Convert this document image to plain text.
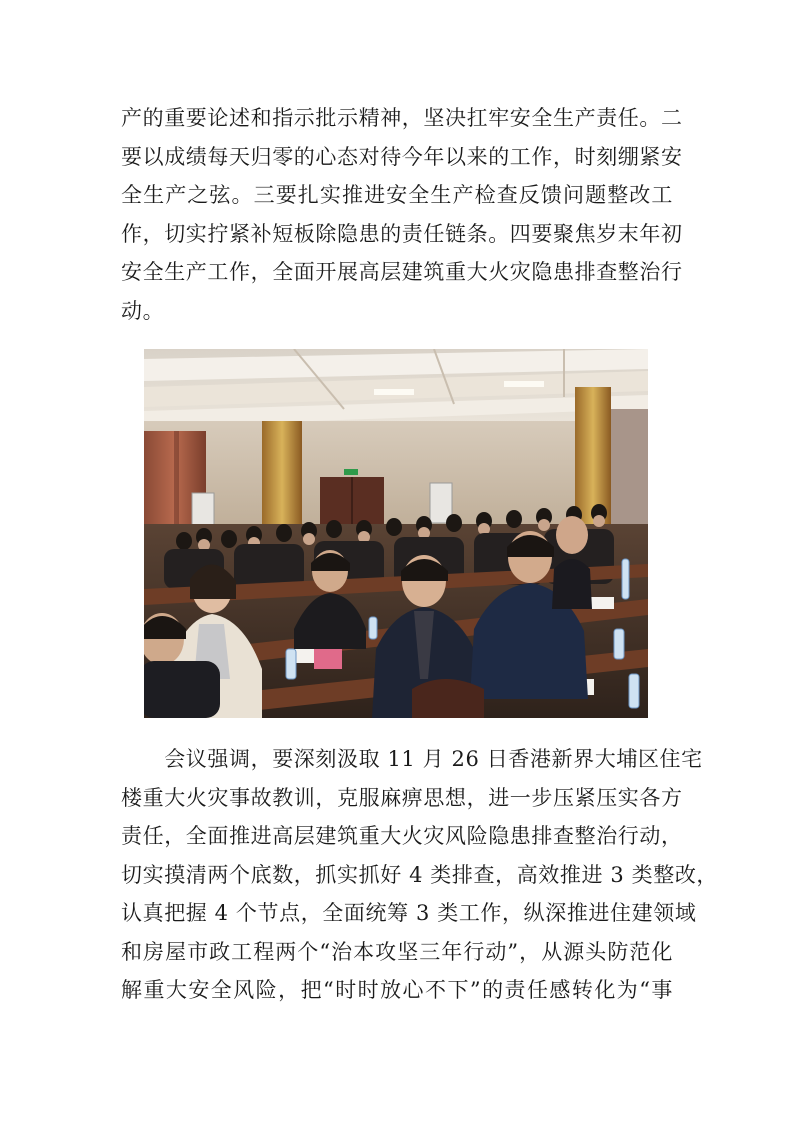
产的重要论述和指示批示精神，坚决扛牢安全生产责任。二
要以成绩每天归零的心态对待今年以来的工作，时刻绷紧安
全生产之弦。三要扎实推进安全生产检查反馈问题整改工
作，切实拧紧补短板除隐患的责任链条。四要聚焦岁末年初
安全生产工作，全面开展高层建筑重大火灾隐患排查整治行
动。
　　会议强调，要深刻汲取 11 月 26 日香港新界大埔区住宅
楼重大火灾事故教训，克服麻痹思想，进一步压紧压实各方
责任，全面推进高层建筑重大火灾风险隐患排查整治行动，
切实摸清两个底数，抓实抓好 4 类排查，高效推进 3 类整改，
认真把握 4 个节点，全面统筹 3 类工作，纵深推进住建领域
和房屋市政工程两个“治本攻坚三年行动”，从源头防范化
解重大安全风险，把“时时放心不下”的责任感转化为“事
